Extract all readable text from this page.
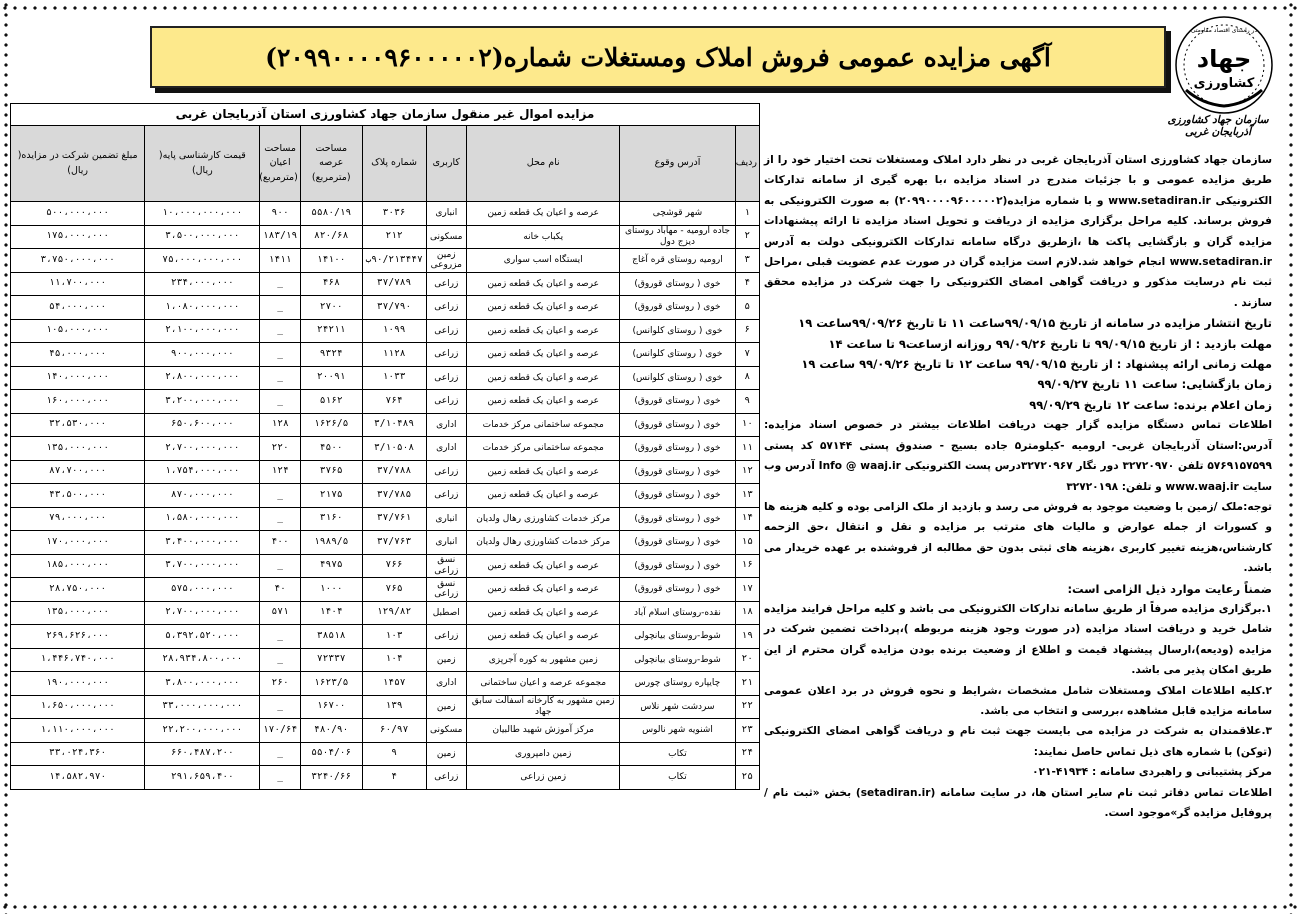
در راستای اقتصاد مقاومتی
جهاد
کشاورزی
سازمان جهاد کشاورزی آذربایجان غربی
آگهی مزایده عمومی فروش املاک ومستغلات شماره(۲۰۹۹۰۰۰۰۹۶۰۰۰۰۰۲)
مزایده اموال غیر منقول سازمان جهاد کشاورزی استان آذربایجان غربی
ردیف	آدرس وقوع	نام محل	کاربری	شماره پلاک	مساحت عرصه (مترمربع)	مساحت اعیان (مترمربع)	قیمت کارشناسی پایه( ریال)	مبلغ تضمین شرکت در مزایده( ریال)
۱	شهر قوشچی	عرصه و اعیان یک قطعه زمین	انباری	۳۰۳۶	۵۵۸۰/۱۹	۹۰۰	۱۰،۰۰۰،۰۰۰،۰۰۰	۵۰۰،۰۰۰،۰۰۰
۲	جاده ارومیه - مهاباد روستای دیزج دول	یکباب خانه	مسکونی	۲۱۲	۸۲۰/۶۸	۱۸۳/۱۹	۳،۵۰۰،۰۰۰،۰۰۰	۱۷۵،۰۰۰،۰۰۰
۳	ارومیه روستای قره آغاج	ایستگاه اسب سواری	زمین مزروعی	۹۰/۲۱۳۴۴۷ب	۱۴۱۰۰	۱۴۱۱	۷۵،۰۰۰،۰۰۰،۰۰۰	۳،۷۵۰،۰۰۰،۰۰۰
۴	خوی ( روستای قوروق)	عرصه و اعیان یک قطعه زمین	زراعی	۳۷/۷۸۹	۴۶۸	_	۲۳۴،۰۰۰،۰۰۰	۱۱،۷۰۰،۰۰۰
۵	خوی ( روستای قوروق)	عرصه و اعیان یک قطعه زمین	زراعی	۳۷/۷۹۰	۲۷۰۰	_	۱،۰۸۰،۰۰۰،۰۰۰	۵۴،۰۰۰،۰۰۰
۶	خوی ( روستای کلوانس)	عرصه و اعیان یک قطعه زمین	زراعی	۱۰۹۹	۲۴۲۱۱	_	۲،۱۰۰،۰۰۰،۰۰۰	۱۰۵،۰۰۰،۰۰۰
۷	خوی ( روستای کلوانس)	عرصه و اعیان یک قطعه زمین	زراعی	۱۱۲۸	۹۳۲۴	_	۹۰۰،۰۰۰،۰۰۰	۴۵،۰۰۰،۰۰۰
۸	خوی ( روستای کلوانس)	عرصه و اعیان یک قطعه زمین	زراعی	۱۰۳۳	۲۰۰۹۱	_	۲،۸۰۰،۰۰۰،۰۰۰	۱۴۰،۰۰۰،۰۰۰
۹	خوی ( روستای قوروق)	عرصه و اعیان یک قطعه زمین	زراعی	۷۶۴	۵۱۶۲	_	۳،۲۰۰،۰۰۰،۰۰۰	۱۶۰،۰۰۰،۰۰۰
۱۰	خوی ( روستای قوروق)	مجموعه ساختمانی مرکز خدمات	اداری	۳/۱۰۴۸۹	۱۶۲۶/۵	۱۲۸	۶۵۰،۶۰۰،۰۰۰	۳۲،۵۳۰،۰۰۰
۱۱	خوی ( روستای قوروق)	مجموعه ساختمانی مرکز خدمات	اداری	۳/۱۰۵۰۸	۴۵۰۰	۲۲۰	۲،۷۰۰،۰۰۰،۰۰۰	۱۳۵،۰۰۰،۰۰۰
۱۲	خوی ( روستای قوروق)	عرصه و اعیان یک قطعه زمین	زراعی	۳۷/۷۸۸	۳۷۶۵	۱۲۴	۱،۷۵۴،۰۰۰،۰۰۰	۸۷،۷۰۰،۰۰۰
۱۳	خوی ( روستای قوروق)	عرصه و اعیان یک قطعه زمین	زراعی	۳۷/۷۸۵	۲۱۷۵	_	۸۷۰،۰۰۰،۰۰۰	۴۳،۵۰۰،۰۰۰
۱۴	خوی ( روستای قوروق)	مرکز خدمات کشاورزی رهال ولدیان	انباری	۳۷/۷۶۱	۳۱۶۰	_	۱،۵۸۰،۰۰۰،۰۰۰	۷۹،۰۰۰،۰۰۰
۱۵	خوی ( روستای قوروق)	مرکز خدمات کشاورزی رهال ولدیان	انباری	۳۷/۷۶۳	۱۹۸۹/۵	۴۰۰	۳،۴۰۰،۰۰۰،۰۰۰	۱۷۰،۰۰۰،۰۰۰
۱۶	خوی ( روستای قوروق)	عرصه و اعیان یک قطعه زمین	نسق زراعی	۷۶۶	۴۹۷۵	_	۳،۷۰۰،۰۰۰،۰۰۰	۱۸۵،۰۰۰،۰۰۰
۱۷	خوی ( روستای قوروق)	عرصه و اعیان یک قطعه زمین	نسق زراعی	۷۶۵	۱۰۰۰	۴۰	۵۷۵،۰۰۰،۰۰۰	۲۸،۷۵۰،۰۰۰
۱۸	نقده-روستای اسلام آباد	عرصه و اعیان یک قطعه زمین	اصطبل	۱۲۹/۸۲	۱۴۰۴	۵۷۱	۲،۷۰۰،۰۰۰،۰۰۰	۱۳۵،۰۰۰،۰۰۰
۱۹	شوط-روستای بیانچولی	عرصه و اعیان یک قطعه زمین	زراعی	۱۰۳	۳۸۵۱۸	_	۵،۳۹۲،۵۲۰،۰۰۰	۲۶۹،۶۲۶،۰۰۰
۲۰	شوط-روستای بیانچولی	زمین مشهور به کوره آجرپزی	زمین	۱۰۴	۷۲۳۳۷	_	۲۸،۹۳۴،۸۰۰،۰۰۰	۱،۴۴۶،۷۴۰،۰۰۰
۲۱	چایپاره روستای چورس	مجموعه عرصه و اعیان ساختمانی	اداری	۱۴۵۷	۱۶۲۳/۵	۲۶۰	۳،۸۰۰،۰۰۰،۰۰۰	۱۹۰،۰۰۰،۰۰۰
۲۲	سردشت شهر نلاس	زمین مشهور به کارخانه آسفالت سابق جهاد	زمین	۱۳۹	۱۶۷۰۰	_	۳۳،۰۰۰،۰۰۰،۰۰۰	۱،۶۵۰،۰۰۰،۰۰۰
۲۳	اشنویه شهر نالوس	مرکز آموزش شهید طالبیان	مسکونی	۶۰/۹۷	۴۸۰/۹۰	۱۷۰/۶۴	۲۲،۲۰۰،۰۰۰،۰۰۰	۱،۱۱۰،۰۰۰،۰۰۰
۲۴	تکاب	زمین دامپروری	زمین	۹	۵۵۰۴/۰۶	_	۶۶۰،۴۸۷،۲۰۰	۳۳،۰۲۴،۳۶۰
۲۵	تکاب	زمین زراعی	زراعی	۴	۳۲۴۰/۶۶	_	۲۹۱،۶۵۹،۴۰۰	۱۴،۵۸۲،۹۷۰

سازمان جهاد کشاورزی استان آذربایجان غربی در نظر دارد املاک ومستغلات تحت اختیار خود را از طریق مزایده عمومی و با جزئیات مندرج در اسناد مزایده ،با بهره گیری از سامانه تدارکات الکترونیکی www.setadiran.ir و با شماره مزایده(۲۰۹۹۰۰۰۰۹۶۰۰۰۰۰۲) به صورت الکترونیکی به فروش برساند. کلیه مراحل برگزاری مزایده از دریافت و تحویل اسناد مزایده تا ارائه پیشنهادات مزایده گران و بازگشایی پاکت ها ،ازطریق درگاه سامانه تدارکات الکترونیکی دولت به آدرس www.setadiran.ir انجام خواهد شد.لازم است مزایده گران در صورت عدم عضویت قبلی ،مراحل ثبت نام درسایت مذکور و دریافت گواهی امضای الکترونیکی را جهت شرکت در مزایده محقق سازند .

تاریخ انتشار مزایده در سامانه از تاریخ ۹۹/۰۹/۱۵ساعت ۱۱ تا تاریخ ۹۹/۰۹/۲۶ساعت ۱۹

مهلت بازدید : از تاریخ ۹۹/۰۹/۱۵ تا تاریخ ۹۹/۰۹/۲۶ روزانه ازساعت۹ تا ساعت ۱۴

مهلت زمانی ارائه پیشنهاد : از تاریخ ۹۹/۰۹/۱۵ ساعت ۱۲ تا تاریخ ۹۹/۰۹/۲۶ ساعت ۱۹

زمان بازگشایی: ساعت ۱۱ تاریخ ۹۹/۰۹/۲۷

زمان اعلام برنده: ساعت ۱۲ تاریخ ۹۹/۰۹/۲۹

اطلاعات تماس دستگاه مزایده گزار جهت دریافت اطلاعات بیشتر در خصوص اسناد مزایده: آدرس:استان آذربایجان غربی- ارومیه -کیلومتر۵ جاده بسیج - صندوق پستی ۵۷۱۴۴ کد پستی ۵۷۶۹۱۵۷۵۹۹ تلفن ۳۲۷۲۰۹۷۰ دور نگار ۳۲۷۲۰۹۶۷درس پست الکترونیکی Info @ waaj.ir آدرس وب سایت www.waaj.ir و تلفن: ۳۲۷۲۰۱۹۸

توجه:ملک /زمین با وضعیت موجود به فروش می رسد و بازدید از ملک الزامی بوده و کلیه هزینه ها و کسورات از جمله عوارض و مالیات های مترتب بر مزایده و نقل و انتقال ،حق الزحمه کارشناس،هزینه تغییر کاربری ،هزینه های ثبتی بدون حق مطالبه از فروشنده بر عهده خریدار می باشد.

ضمناً رعایت موارد ذیل الزامی است:

۱.برگزاری مزایده صرفاً از طریق سامانه تدارکات الکترونیکی می باشد و کلیه مراحل فرایند مزایده شامل خرید و دریافت اسناد مزایده (در صورت وجود هزینه مربوطه )،پرداخت تضمین شرکت در مزایده (ودیعه)،ارسال پیشنهاد قیمت و اطلاع از وضعیت برنده بودن مزایده گران محترم از این طریق امکان پذیر می باشد.

۲.کلیه اطلاعات املاک ومستغلات شامل مشخصات ،شرایط و نحوه فروش در برد اعلان عمومی سامانه مزایده قابل مشاهده ،بررسی و انتخاب می باشد.

۳.علاقمندان به شرکت در مزایده می بایست جهت ثبت نام و دریافت گواهی امضای الکترونیکی (توکن) با شماره های ذیل تماس حاصل نمایند:

مرکز پشتیبانی و راهبردی سامانه : ۴۱۹۳۴-۰۲۱

اطلاعات تماس دفاتر ثبت نام سایر استان ها، در سایت سامانه (setadiran.ir) بخش «ثبت نام /پروفایل مزایده گر»موجود است.
